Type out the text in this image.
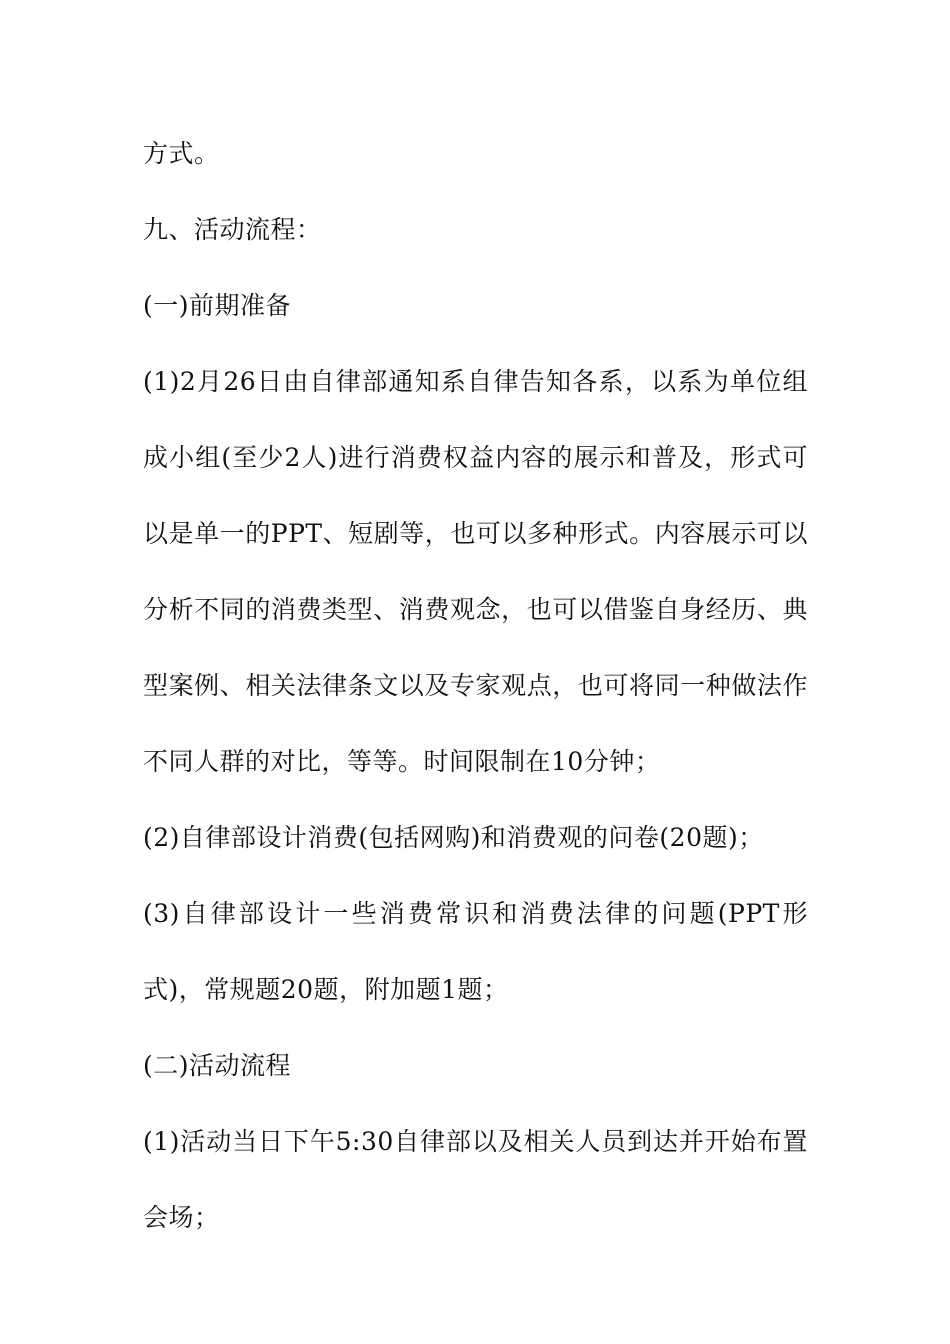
方式。

九、活动流程：

(一)前期准备

(1)2月26日由自律部通知系自律告知各系，以系为单位组成小组(至少2人)进行消费权益内容的展示和普及，形式可以是单一的PPT、短剧等，也可以多种形式。内容展示可以分析不同的消费类型、消费观念，也可以借鉴自身经历、典型案例、相关法律条文以及专家观点，也可将同一种做法作不同人群的对比，等等。时间限制在10分钟；

(2)自律部设计消费(包括网购)和消费观的问卷(20题)；

(3)自律部设计一些消费常识和消费法律的问题(PPT形式)，常规题20题，附加题1题；

(二)活动流程

(1)活动当日下午5:30自律部以及相关人员到达并开始布置会场；
